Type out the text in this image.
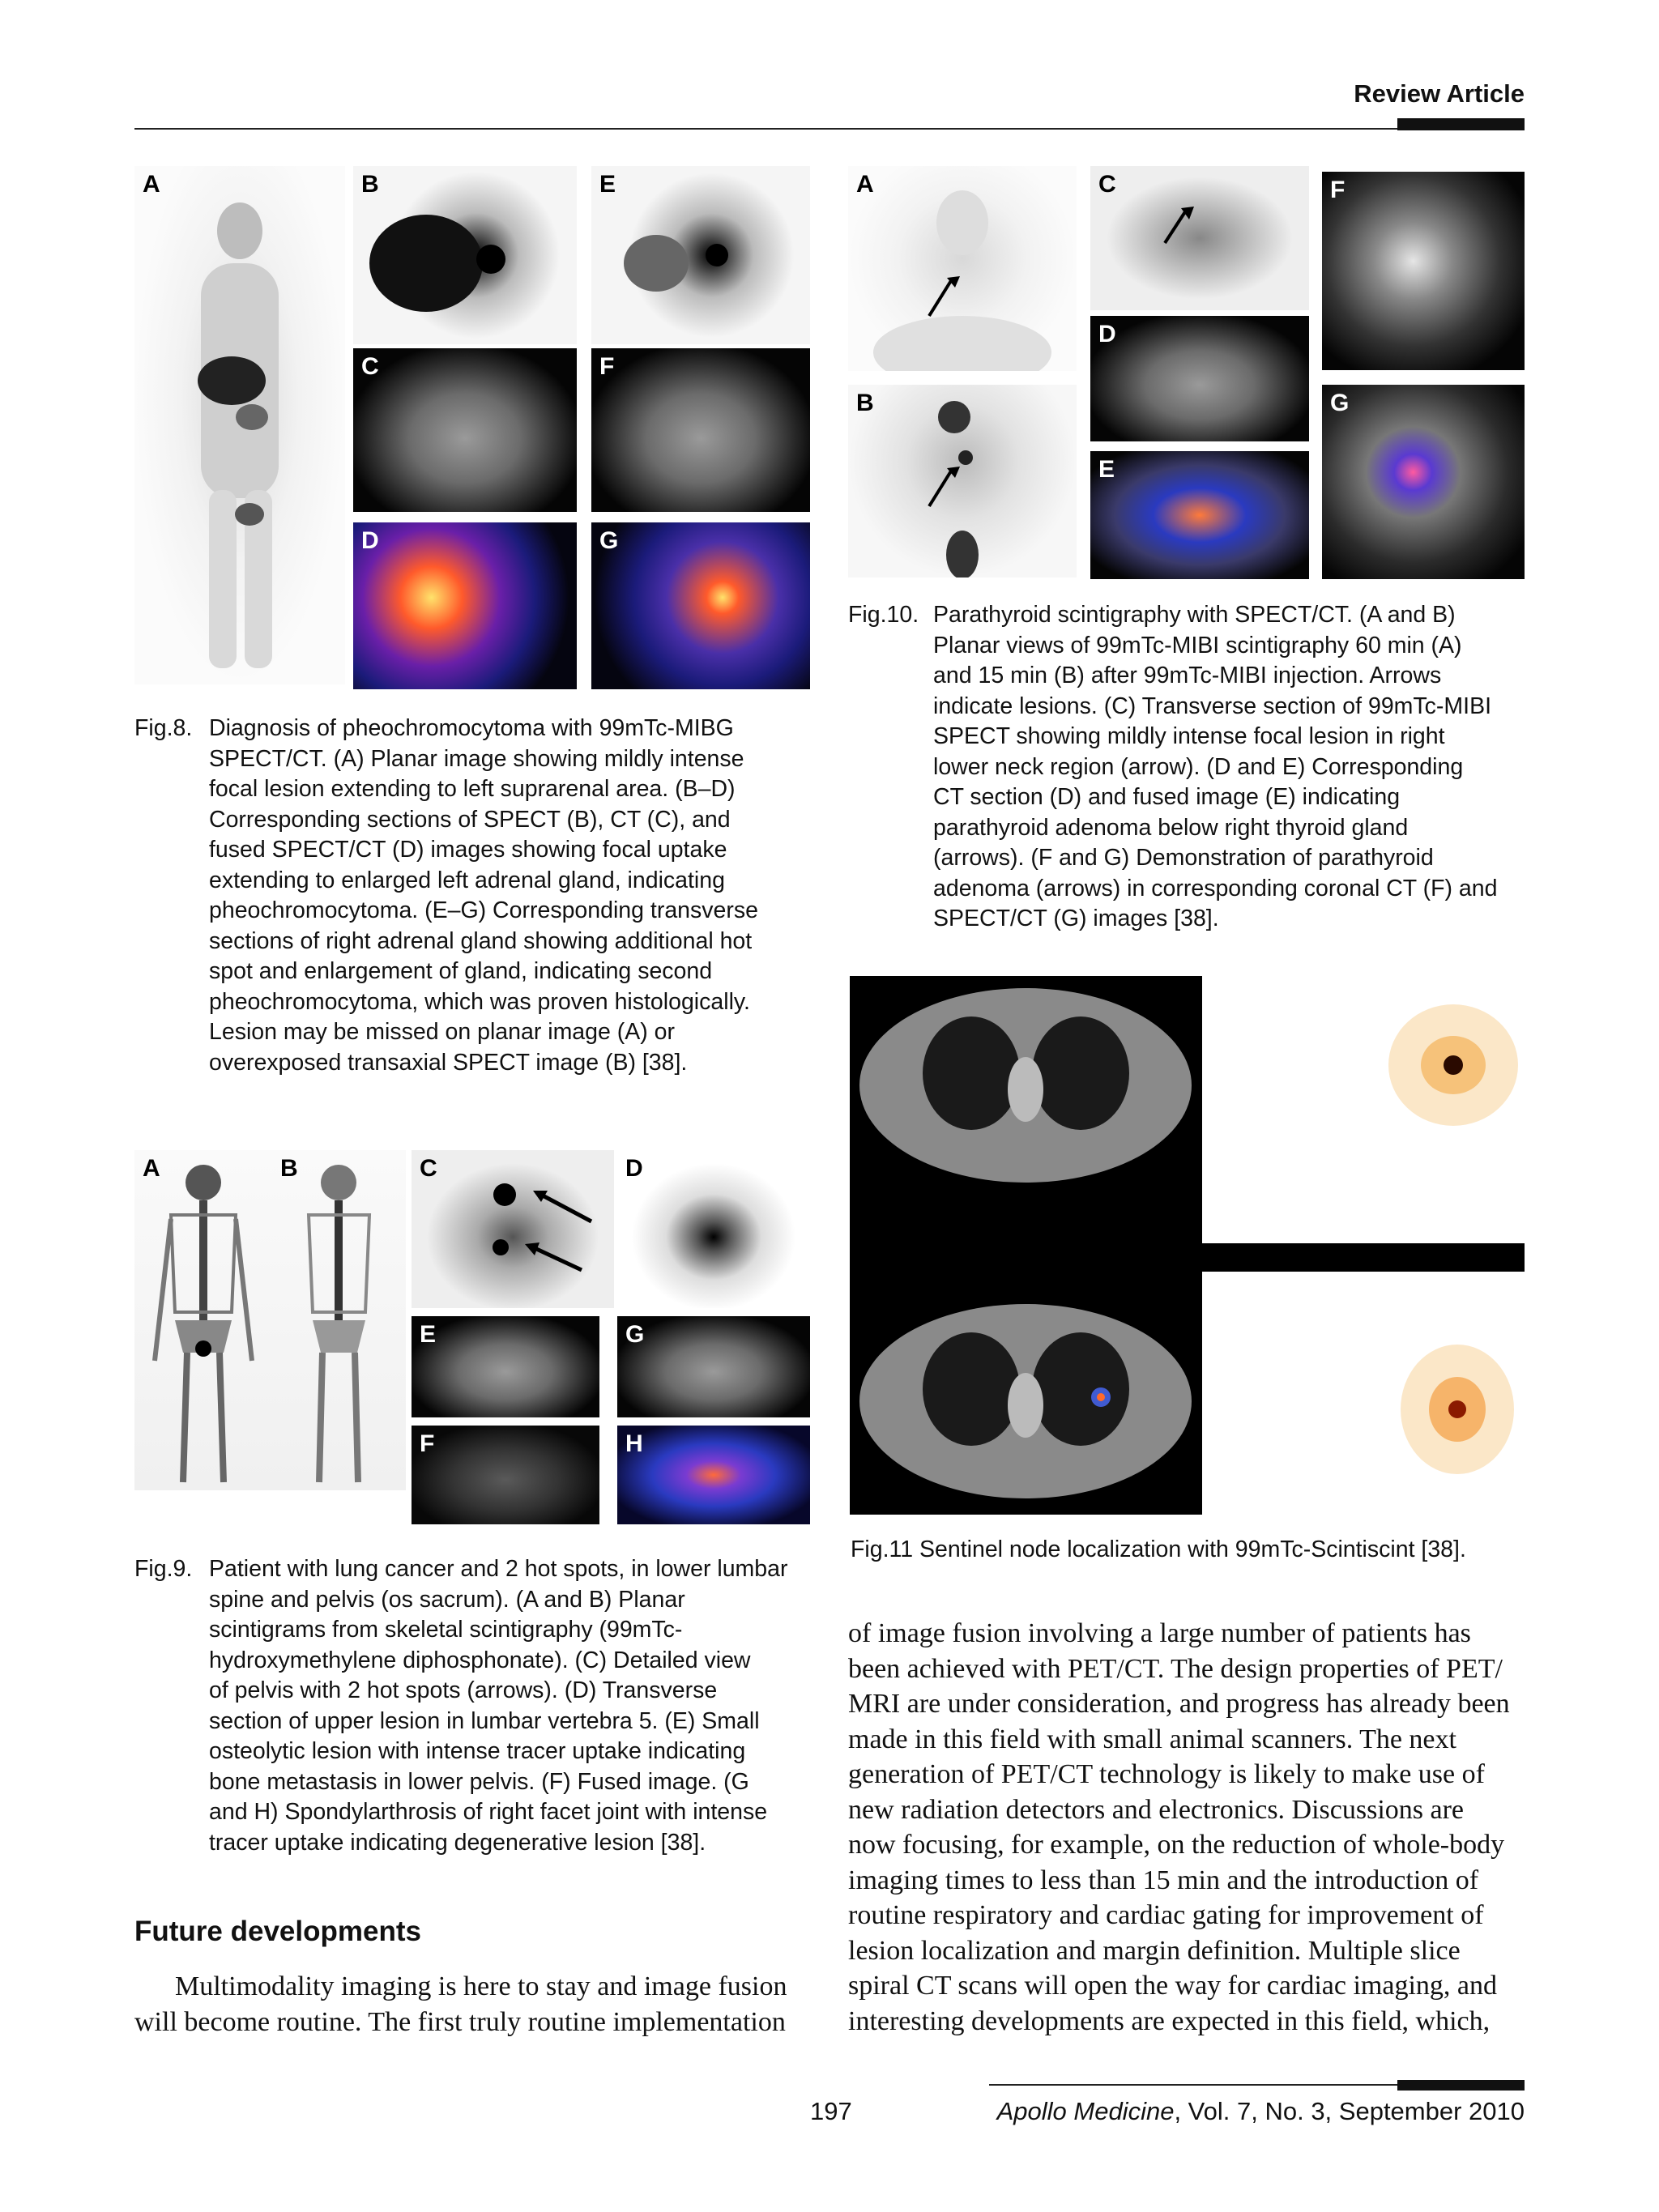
Review Article
A	B	E
C	F
D	G
Fig.8. Diagnosis of pheochromocytoma with 99mTc-MIBG
SPECT/CT. (A) Planar image showing mildly intense
focal lesion extending to left suprarenal area. (B–D)
Corresponding sections of SPECT (B), CT (C), and
fused SPECT/CT (D) images showing focal uptake
extending to enlarged left adrenal gland, indicating
pheochromocytoma. (E–G) Corresponding transverse
sections of right adrenal gland showing additional hot
spot and enlargement of gland, indicating second
pheochromocytoma, which was proven histologically.
Lesion may be missed on planar image (A) or
overexposed transaxial SPECT image (B) [38].
A	B	C	D
E	G
F	H
Fig.9. Patient with lung cancer and 2 hot spots, in lower lumbar
spine and pelvis (os sacrum). (A and B) Planar
scintigrams from skeletal scintigraphy (99mTc-
hydroxymethylene diphosphonate). (C) Detailed view
of pelvis with 2 hot spots (arrows). (D) Transverse
section of upper lesion in lumbar vertebra 5. (E) Small
osteolytic lesion with intense tracer uptake indicating
bone metastasis in lower pelvis. (F) Fused image. (G
and H) Spondylarthrosis of right facet joint with intense
tracer uptake indicating degenerative lesion [38].
Future developments
Multimodality imaging is here to stay and image fusion
will become routine. The first truly routine implementation
A	C	F
D
B	G
E
Fig.10. Parathyroid scintigraphy with SPECT/CT. (A and B)
Planar views of 99mTc-MIBI scintigraphy 60 min (A)
and 15 min (B) after 99mTc-MIBI injection. Arrows
indicate lesions. (C) Transverse section of 99mTc-MIBI
SPECT showing mildly intense focal lesion in right
lower neck region (arrow). (D and E) Corresponding
CT section (D) and fused image (E) indicating
parathyroid adenoma below right thyroid gland
(arrows). (F and G) Demonstration of parathyroid
adenoma (arrows) in corresponding coronal CT (F) and
SPECT/CT (G) images [38].
Fig.11 Sentinel node localization with 99mTc-Scintiscint [38].
of image fusion involving a large number of patients has
been achieved with PET/CT. The design properties of PET/
MRI are under consideration, and progress has already been
made in this field with small animal scanners. The next
generation of PET/CT technology is likely to make use of
new radiation detectors and electronics. Discussions are
now focusing, for example, on the reduction of whole-body
imaging times to less than 15 min and the introduction of
routine respiratory and cardiac gating for improvement of
lesion localization and margin definition. Multiple slice
spiral CT scans will open the way for cardiac imaging, and
interesting developments are expected in this field, which,
197	Apollo Medicine, Vol. 7, No. 3, September 2010
